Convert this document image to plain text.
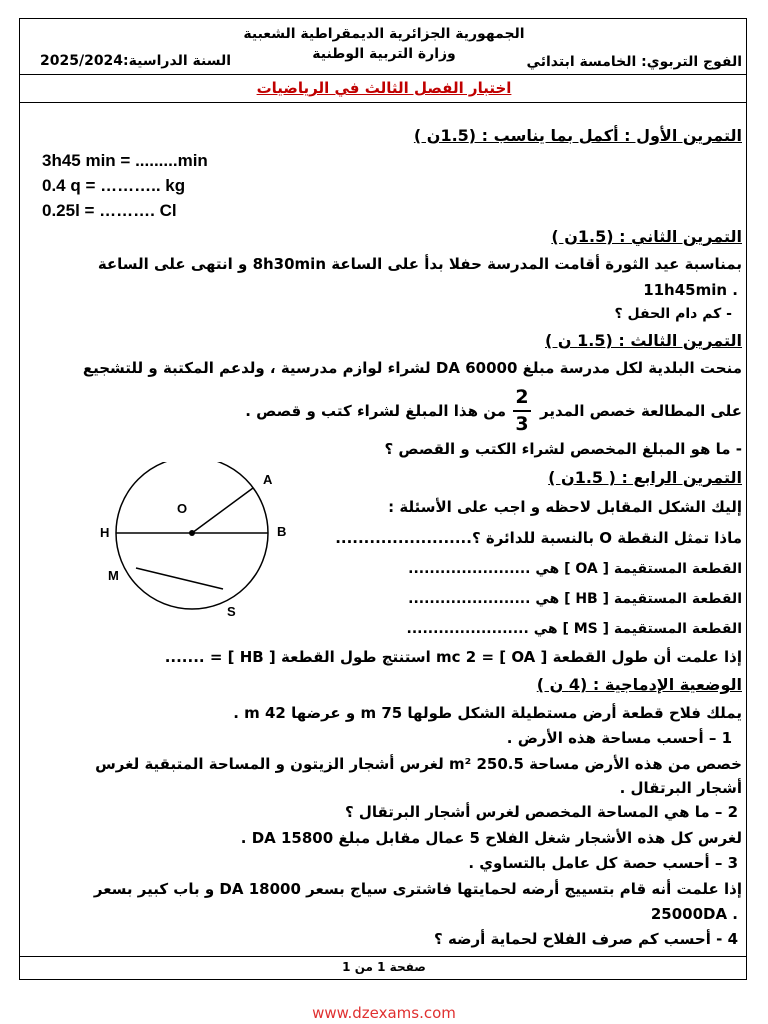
الجمهورية الجزائرية الديمقراطية الشعبية
وزارة التربية الوطنية	الفوج التربوي: الخامسة ابتدائي
2025/2024السنة الدراسية:
اختبار الفصل الثالث في الرياضيات
التمرين الأول : أكمل بما يناسب : (1.5ن )
3h45 min = .........min
0.4 q = ……….. kg
0.25l = ………. Cl
التمرين الثاني : (1.5ن )
بمناسبة عيد الثورة أقامت المدرسة حفلا بدأ على الساعة 8h30min و انتهى على الساعة
11h45min .
- كم دام الحفل ؟
التمرين الثالث : (1.5 ن )
منحت البلدية لكل مدرسة مبلغ 60000 DA لشراء لوازم مدرسية ، ولدعم المكتبة و للتشجيع
على المطالعة خصص المدير
2
3
من هذا المبلغ لشراء كتب و قصص .
- ما هو المبلغ المخصص لشراء الكتب و القصص ؟
O
A
H	B
M
S
التمرين الرابع : ( 1.5ن )
إليك الشكل المقابل لاحظه و اجب على الأسئلة :
ماذا تمثل النقطة O بالنسبة للدائرة ؟........................
القطعة المستقيمة [ OA ] هي .......................
القطعة المستقيمة [ HB ] هي .......................
القطعة المستقيمة [ MS ] هي .......................
إذا علمت أن طول القطعة [ OA ] = mc 2 استنتج طول القطعة [ HB ] = .......
الوضعية الإدماجية : (4 ن )
يملك فلاح قطعة أرض مستطيلة الشكل طولها 75 m و عرضها m 42 .
1 – أحسب مساحة هذه الأرض .
خصص من هذه الأرض مساحة 250.5 m² لغرس أشجار الزيتون و المساحة المتبقية لغرس
أشجار البرتقال .
2 – ما هي المساحة المخصص لغرس أشجار البرتقال ؟
لغرس كل هذه الأشجار شغل الفلاح 5 عمال مقابل مبلغ 15800 DA .
3 – أحسب حصة كل عامل بالتساوي .
إذا علمت أنه قام بتسييج أرضه لحمايتها فاشترى سياج بسعر 18000 DA و باب كبير بسعر
25000DA .
4 - أحسب كم صرف الفلاح لحماية أرضه ؟
صفحة 1 من 1
www.dzexams.com
